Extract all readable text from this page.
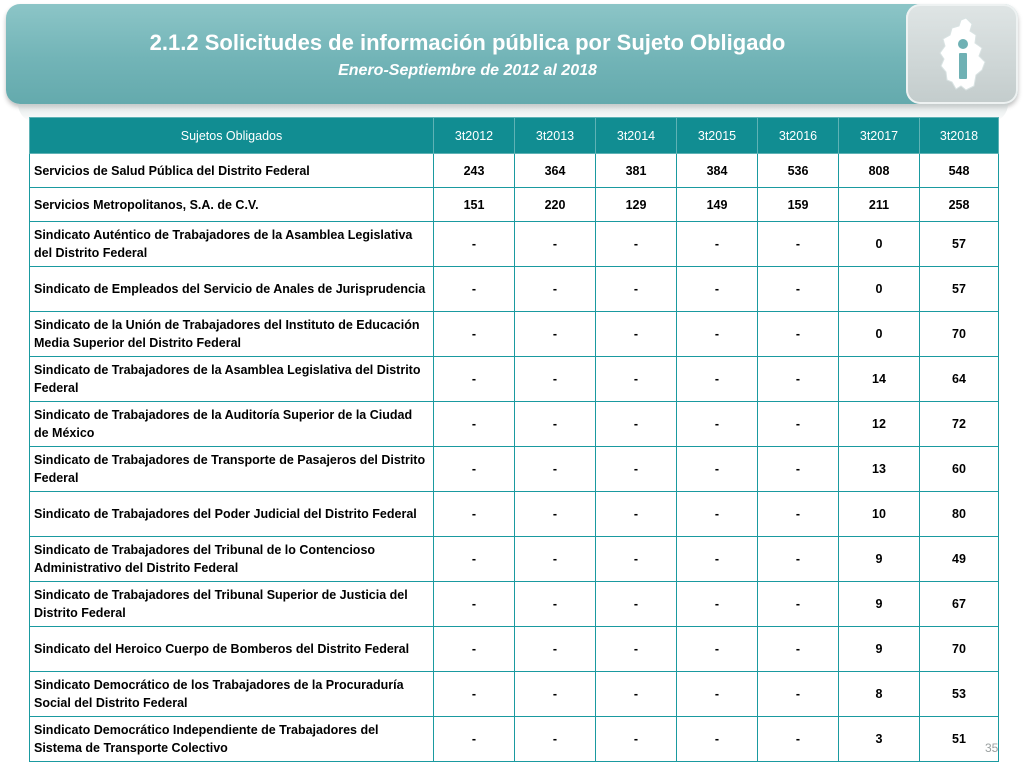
2.1.2 Solicitudes de información pública por Sujeto Obligado
Enero-Septiembre de 2012 al 2018
Sujetos Obligados	3t2012	3t2013	3t2014	3t2015	3t2016	3t2017	3t2018
Servicios de Salud Pública del Distrito Federal	243	364	381	384	536	808	548
Servicios Metropolitanos, S.A. de C.V.	151	220	129	149	159	211	258
Sindicato Auténtico de Trabajadores de la Asamblea Legislativa del Distrito Federal	-	-	-	-	-	0	57
Sindicato de Empleados del Servicio de Anales de Jurisprudencia	-	-	-	-	-	0	57
Sindicato de la Unión de Trabajadores del Instituto de Educación Media Superior del Distrito Federal	-	-	-	-	-	0	70
Sindicato de Trabajadores de la Asamblea Legislativa del Distrito Federal	-	-	-	-	-	14	64
Sindicato de Trabajadores de la Auditoría Superior de la Ciudad de México	-	-	-	-	-	12	72
Sindicato de Trabajadores de Transporte de Pasajeros del Distrito Federal	-	-	-	-	-	13	60
Sindicato de Trabajadores del Poder Judicial del Distrito Federal	-	-	-	-	-	10	80
Sindicato de Trabajadores del Tribunal de lo Contencioso Administrativo del Distrito Federal	-	-	-	-	-	9	49
Sindicato de Trabajadores del Tribunal Superior de Justicia del Distrito Federal	-	-	-	-	-	9	67
Sindicato del Heroico Cuerpo de Bomberos del Distrito Federal	-	-	-	-	-	9	70
Sindicato Democrático de los Trabajadores de la Procuraduría Social del Distrito Federal	-	-	-	-	-	8	53
Sindicato Democrático Independiente de Trabajadores del Sistema de Transporte Colectivo	-	-	-	-	-	3	51
35
